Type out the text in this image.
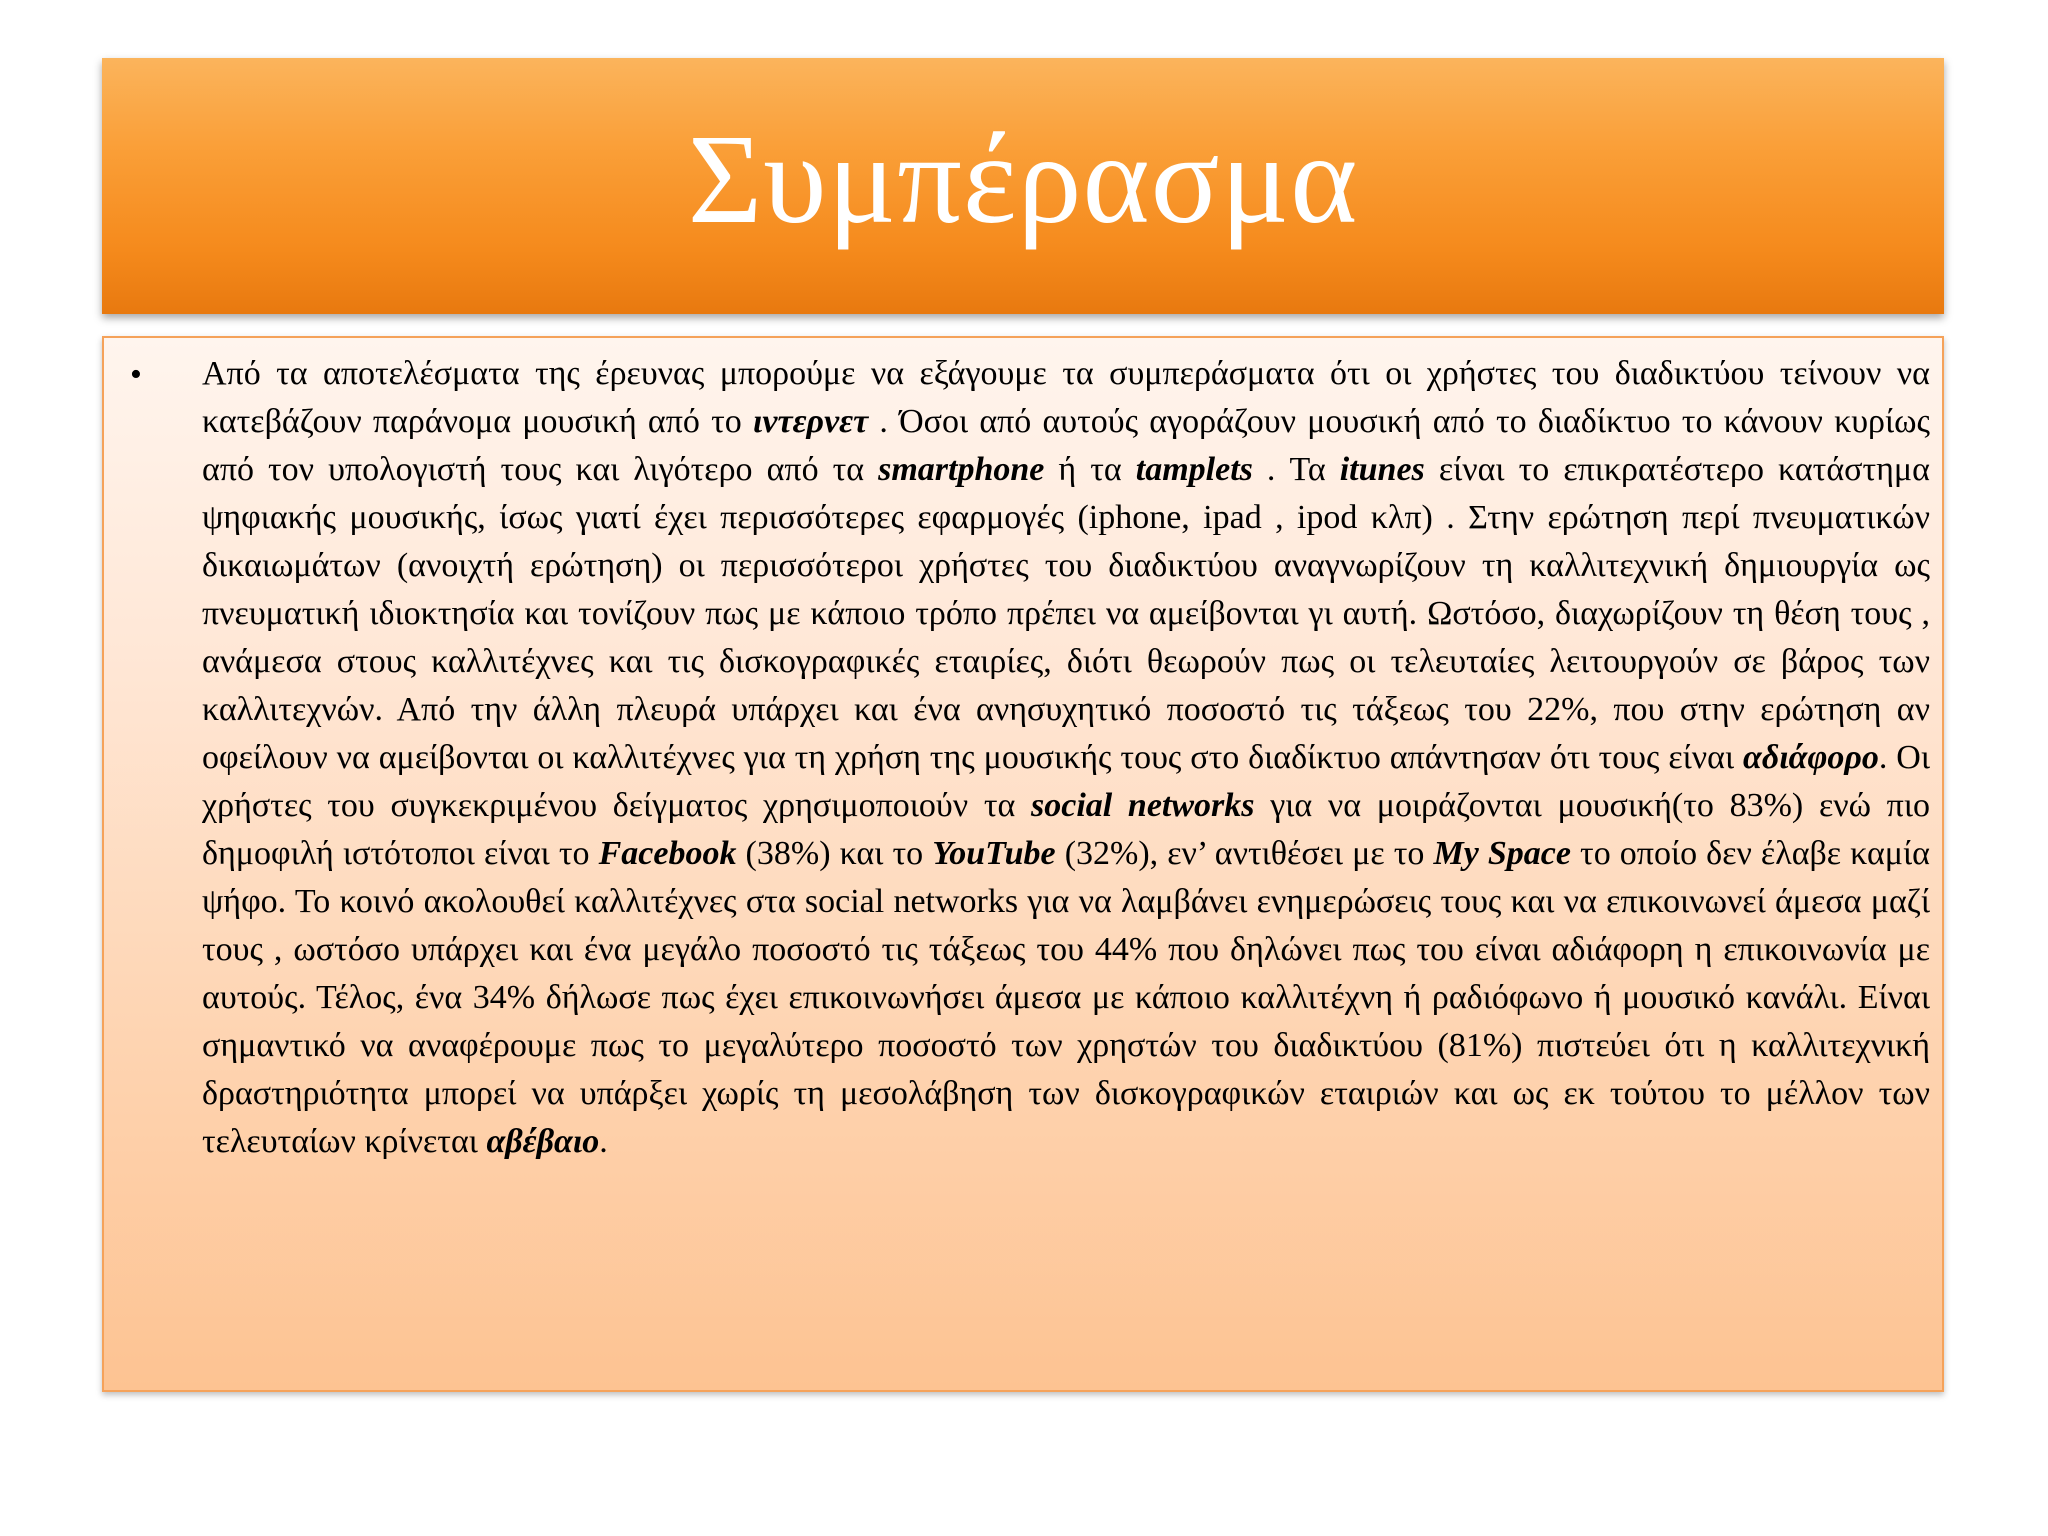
Συμπέρασμα
• Από τα αποτελέσματα της έρευνας μπορούμε να εξάγουμε τα συμπεράσματα ότι οι χρήστες του διαδικτύου τείνουν να κατεβάζουν παράνομα μουσική από το ιντερνετ . Όσοι από αυτούς αγοράζουν μουσική από το διαδίκτυο το κάνουν κυρίως από τον υπολογιστή τους και λιγότερο από τα smartphone ή τα tamplets . Τα itunes είναι το επικρατέστερο κατάστημα ψηφιακής μουσικής, ίσως γιατί έχει περισσότερες εφαρμογές (iphone, ipad , ipod κλπ) . Στην ερώτηση περί πνευματικών δικαιωμάτων (ανοιχτή ερώτηση) οι περισσότεροι χρήστες του διαδικτύου αναγνωρίζουν τη καλλιτεχνική δημιουργία ως πνευματική ιδιοκτησία και τονίζουν πως με κάποιο τρόπο πρέπει να αμείβονται γι αυτή. Ωστόσο, διαχωρίζουν τη θέση τους , ανάμεσα στους καλλιτέχνες και τις δισκογραφικές εταιρίες, διότι θεωρούν πως οι τελευταίες λειτουργούν σε βάρος των καλλιτεχνών. Από την άλλη πλευρά υπάρχει και ένα ανησυχητικό ποσοστό τις τάξεως του 22%, που στην ερώτηση αν οφείλουν να αμείβονται οι καλλιτέχνες για τη χρήση της μουσικής τους στο διαδίκτυο απάντησαν ότι τους είναι αδιάφορο. Οι χρήστες του συγκεκριμένου δείγματος χρησιμοποιούν τα social networks για να μοιράζονται μουσική(το 83%) ενώ πιο δημοφιλή ιστότοποι είναι το Facebook (38%) και το YouTube (32%), εν’ αντιθέσει με το My Space το οποίο δεν έλαβε καμία ψήφο. Το κοινό ακολουθεί καλλιτέχνες στα social networks για να λαμβάνει ενημερώσεις τους και να επικοινωνεί άμεσα μαζί τους , ωστόσο υπάρχει και ένα μεγάλο ποσοστό τις τάξεως του 44% που δηλώνει πως του είναι αδιάφορη η επικοινωνία με αυτούς. Τέλος, ένα 34% δήλωσε πως έχει επικοινωνήσει άμεσα με κάποιο καλλιτέχνη ή ραδιόφωνο ή μουσικό κανάλι. Είναι σημαντικό να αναφέρουμε πως το μεγαλύτερο ποσοστό των χρηστών του διαδικτύου (81%) πιστεύει ότι η καλλιτεχνική δραστηριότητα μπορεί να υπάρξει χωρίς τη μεσολάβηση των δισκογραφικών εταιριών και ως εκ τούτου το μέλλον των τελευταίων κρίνεται αβέβαιο.
